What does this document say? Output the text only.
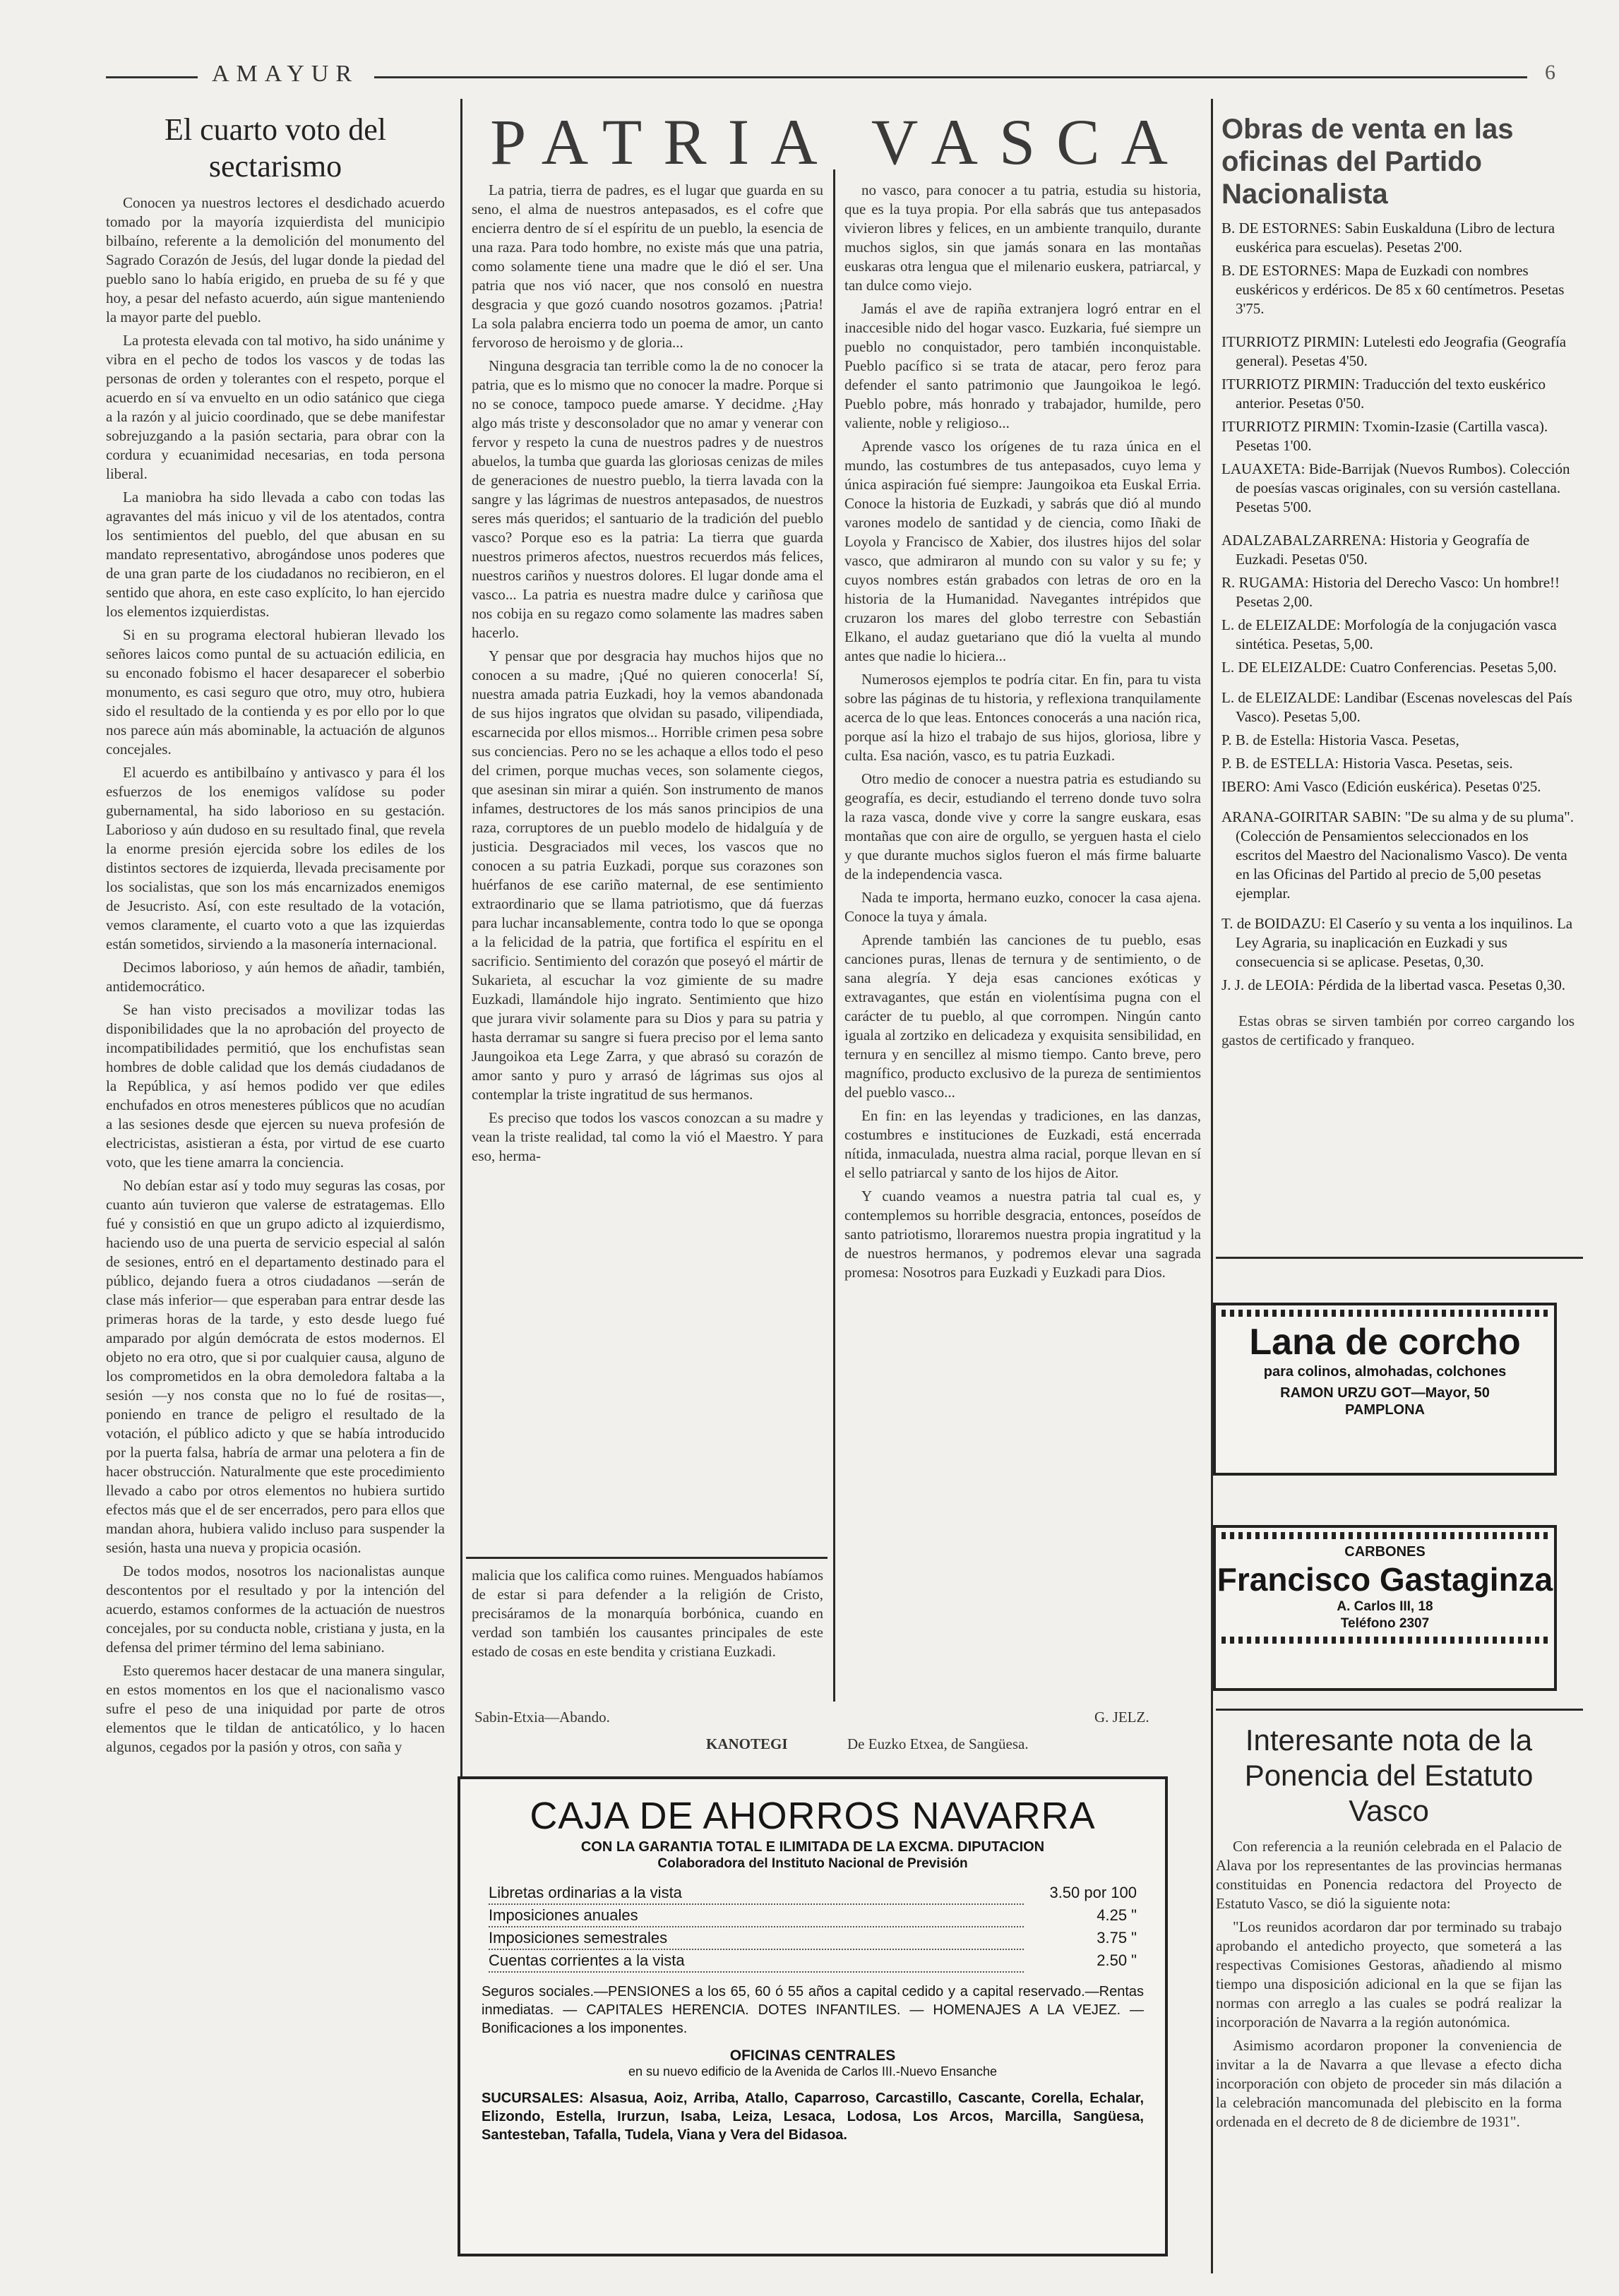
AMAYUR	6
El cuarto voto del sectarismo

Conocen ya nuestros lectores el desdichado acuerdo tomado por la mayoría izquierdista del municipio bilbaíno, referente a la demolición del monumento del Sagrado Corazón de Jesús, del lugar donde la piedad del pueblo sano lo había erigido, en prueba de su fé y que hoy, a pesar del nefasto acuerdo, aún sigue manteniendo la mayor parte del pueblo.

La protesta elevada con tal motivo, ha sido unánime y vibra en el pecho de todos los vascos y de todas las personas de orden y tolerantes con el respeto, porque el acuerdo en sí va envuelto en un odio satánico que ciega a la razón y al juicio coordinado, que se debe manifestar sobrejuzgando a la pasión sectaria, para obrar con la cordura y ecuanimidad necesarias, en toda persona liberal.

La maniobra ha sido llevada a cabo con todas las agravantes del más inicuo y vil de los atentados, contra los sentimientos del pueblo, del que abusan en su mandato representativo, abrogándose unos poderes que de una gran parte de los ciudadanos no recibieron, en el sentido que ahora, en este caso explícito, lo han ejercido los elementos izquierdistas.

Si en su programa electoral hubieran llevado los señores laicos como puntal de su actuación edilicia, en su enconado fobismo el hacer desaparecer el soberbio monumento, es casi seguro que otro, muy otro, hubiera sido el resultado de la contienda y es por ello por lo que nos parece aún más abominable, la actuación de algunos concejales.

El acuerdo es antibilbaíno y antivasco y para él los esfuerzos de los enemigos valídose su poder gubernamental, ha sido laborioso en su gestación. Laborioso y aún dudoso en su resultado final, que revela la enorme presión ejercida sobre los ediles de los distintos sectores de izquierda, llevada precisamente por los socialistas, que son los más encarnizados enemigos de Jesucristo. Así, con este resultado de la votación, vemos claramente, el cuarto voto a que las izquierdas están sometidos, sirviendo a la masonería internacional.

Decimos laborioso, y aún hemos de añadir, también, antidemocrático.

Se han visto precisados a movilizar todas las disponibilidades que la no aprobación del proyecto de incompatibilidades permitió, que los enchufistas sean hombres de doble calidad que los demás ciudadanos de la República, y así hemos podido ver que ediles enchufados en otros menesteres públicos que no acudían a las sesiones desde que ejercen su nueva profesión de electricistas, asistieran a ésta, por virtud de ese cuarto voto, que les tiene amarra la conciencia.

No debían estar así y todo muy seguras las cosas, por cuanto aún tuvieron que valerse de estratagemas. Ello fué y consistió en que un grupo adicto al izquierdismo, haciendo uso de una puerta de servicio especial al salón de sesiones, entró en el departamento destinado para el público, dejando fuera a otros ciudadanos —serán de clase más inferior— que esperaban para entrar desde las primeras horas de la tarde, y esto desde luego fué amparado por algún demócrata de estos modernos. El objeto no era otro, que si por cualquier causa, alguno de los comprometidos en la obra demoledora faltaba a la sesión —y nos consta que no lo fué de rositas—, poniendo en trance de peligro el resultado de la votación, el público adicto y que se había introducido por la puerta falsa, habría de armar una pelotera a fin de hacer obstrucción. Naturalmente que este procedimiento llevado a cabo por otros elementos no hubiera surtido efectos más que el de ser encerrados, pero para ellos que mandan ahora, hubiera valido incluso para suspender la sesión, hasta una nueva y propicia ocasión.

De todos modos, nosotros los nacionalistas aunque descontentos por el resultado y por la intención del acuerdo, estamos conformes de la actuación de nuestros concejales, por su conducta noble, cristiana y justa, en la defensa del primer término del lema sabiniano.

Esto queremos hacer destacar de una manera singular, en estos momentos en los que el nacionalismo vasco sufre el peso de una iniquidad por parte de otros elementos que le tildan de anticatólico, y lo hacen algunos, cegados por la pasión y otros, con saña y

PATRIA VASCA

La patria, tierra de padres, es el lugar que guarda en su seno, el alma de nuestros antepasados, es el cofre que encierra dentro de sí el espíritu de un pueblo, la esencia de una raza. Para todo hombre, no existe más que una patria, como solamente tiene una madre que le dió el ser. Una patria que nos vió nacer, que nos consoló en nuestra desgracia y que gozó cuando nosotros gozamos. ¡Patria! La sola palabra encierra todo un poema de amor, un canto fervoroso de heroismo y de gloria...

Ninguna desgracia tan terrible como la de no conocer la patria, que es lo mismo que no conocer la madre. Porque si no se conoce, tampoco puede amarse. Y decidme. ¿Hay algo más triste y desconsolador que no amar y venerar con fervor y respeto la cuna de nuestros padres y de nuestros abuelos, la tumba que guarda las gloriosas cenizas de miles de generaciones de nuestro pueblo, la tierra lavada con la sangre y las lágrimas de nuestros antepasados, de nuestros seres más queridos; el santuario de la tradición del pueblo vasco? Porque eso es la patria: La tierra que guarda nuestros primeros afectos, nuestros recuerdos más felices, nuestros cariños y nuestros dolores. El lugar donde ama el vasco... La patria es nuestra madre dulce y cariñosa que nos cobija en su regazo como solamente las madres saben hacerlo.

Y pensar que por desgracia hay muchos hijos que no conocen a su madre, ¡Qué no quieren conocerla! Sí, nuestra amada patria Euzkadi, hoy la vemos abandonada de sus hijos ingratos que olvidan su pasado, vilipendiada, escarnecida por ellos mismos... Horrible crimen pesa sobre sus conciencias. Pero no se les achaque a ellos todo el peso del crimen, porque muchas veces, son solamente ciegos, que asesinan sin mirar a quién. Son instrumento de manos infames, destructores de los más sanos principios de una raza, corruptores de un pueblo modelo de hidalguía y de justicia. Desgraciados mil veces, los vascos que no conocen a su patria Euzkadi, porque sus corazones son huérfanos de ese cariño maternal, de ese sentimiento extraordinario que se llama patriotismo, que dá fuerzas para luchar incansablemente, contra todo lo que se oponga a la felicidad de la patria, que fortifica el espíritu en el sacrificio. Sentimiento del corazón que poseyó el mártir de Sukarieta, al escuchar la voz gimiente de su madre Euzkadi, llamándole hijo ingrato. Sentimiento que hizo que jurara vivir solamente para su Dios y para su patria y hasta derramar su sangre si fuera preciso por el lema santo Jaungoikoa eta Lege Zarra, y que abrasó su corazón de amor santo y puro y arrasó de lágrimas sus ojos al contemplar la triste ingratitud de sus hermanos.

Es preciso que todos los vascos conozcan a su madre y vean la triste realidad, tal como la vió el Maestro. Y para eso, herma-

no vasco, para conocer a tu patria, estudia su historia, que es la tuya propia. Por ella sabrás que tus antepasados vivieron libres y felices, en un ambiente tranquilo, durante muchos siglos, sin que jamás sonara en las montañas euskaras otra lengua que el milenario euskera, patriarcal, y tan dulce como viejo.

Jamás el ave de rapiña extranjera logró entrar en el inaccesible nido del hogar vasco. Euzkaria, fué siempre un pueblo no conquistador, pero también inconquistable. Pueblo pacífico si se trata de atacar, pero feroz para defender el santo patrimonio que Jaungoikoa le legó. Pueblo pobre, más honrado y trabajador, humilde, pero valiente, noble y religioso...

Aprende vasco los orígenes de tu raza única en el mundo, las costumbres de tus antepasados, cuyo lema y única aspiración fué siempre: Jaungoikoa eta Euskal Erria. Conoce la historia de Euzkadi, y sabrás que dió al mundo varones modelo de santidad y de ciencia, como Iñaki de Loyola y Francisco de Xabier, dos ilustres hijos del solar vasco, que admiraron al mundo con su valor y su fe; y cuyos nombres están grabados con letras de oro en la historia de la Humanidad. Navegantes intrépidos que cruzaron los mares del globo terrestre con Sebastián Elkano, el audaz guetariano que dió la vuelta al mundo antes que nadie lo hiciera...

Numerosos ejemplos te podría citar. En fin, para tu vista sobre las páginas de tu historia, y reflexiona tranquilamente acerca de lo que leas. Entonces conocerás a una nación rica, porque así la hizo el trabajo de sus hijos, gloriosa, libre y culta. Esa nación, vasco, es tu patria Euzkadi.

Otro medio de conocer a nuestra patria es estudiando su geografía, es decir, estudiando el terreno donde tuvo solra la raza vasca, donde vive y corre la sangre euskara, esas montañas que con aire de orgullo, se yerguen hasta el cielo y que durante muchos siglos fueron el más firme baluarte de la independencia vasca.

Nada te importa, hermano euzko, conocer la casa ajena. Conoce la tuya y ámala.

Aprende también las canciones de tu pueblo, esas canciones puras, llenas de ternura y de sentimiento, o de sana alegría. Y deja esas canciones exóticas y extravagantes, que están en violentísima pugna con el carácter de tu pueblo, al que corrompen. Ningún canto iguala al zortziko en delicadeza y exquisita sensibilidad, en ternura y en sencillez al mismo tiempo. Canto breve, pero magnífico, producto exclusivo de la pureza de sentimientos del pueblo vasco...

En fin: en las leyendas y tradiciones, en las danzas, costumbres e instituciones de Euzkadi, está encerrada nítida, inmaculada, nuestra alma racial, porque llevan en sí el sello patriarcal y santo de los hijos de Aitor.

Y cuando veamos a nuestra patria tal cual es, y contemplemos su horrible desgracia, entonces, poseídos de santo patriotismo, lloraremos nuestra propia ingratitud y la de nuestros hermanos, y podremos elevar una sagrada promesa: Nosotros para Euzkadi y Euzkadi para Dios.

malicia que los califica como ruines. Menguados habíamos de estar si para defender a la religión de Cristo, precisáramos de la monarquía borbónica, cuando en verdad son también los causantes principales de este estado de cosas en este bendita y cristiana Euzkadi.

Sabin-Etxia—Abando.	G. JELZ.
KANOTEGI	De Euzko Etxea, de Sangüesa.
CAJA DE AHORROS NAVARRA
CON LA GARANTIA TOTAL E ILIMITADA DE LA EXCMA. DIPUTACION
Colaboradora del Instituto Nacional de Previsión
Libretas ordinarias a la vista	3.50 por 100
Imposiciones anuales	4.25 "
Imposiciones semestrales	3.75 "
Cuentas corrientes a la vista	2.50 "
Seguros sociales.—PENSIONES a los 65, 60 ó 55 años a capital cedido y a capital reservado.—Rentas inmediatas. — CAPITALES HERENCIA. DOTES INFANTILES. — HOMENAJES A LA VEJEZ. —Bonificaciones a los imponentes.
OFICINAS CENTRALES
en su nuevo edificio de la Avenida de Carlos III.-Nuevo Ensanche
SUCURSALES: Alsasua, Aoiz, Arriba, Atallo, Caparroso, Carcastillo, Cascante, Corella, Echalar, Elizondo, Estella, Irurzun, Isaba, Leiza, Lesaca, Lodosa, Los Arcos, Marcilla, Sangüesa, Santesteban, Tafalla, Tudela, Viana y Vera del Bidasoa.
Obras de venta en las oficinas del Partido Nacionalista
B. DE ESTORNES: Sabin Euskalduna (Libro de lectura euskérica para escuelas). Pesetas 2'00.
B. DE ESTORNES: Mapa de Euzkadi con nombres euskéricos y erdéricos. De 85 x 60 centímetros. Pesetas 3'75.
ITURRIOTZ PIRMIN: Lutelesti edo Jeografia (Geografía general). Pesetas 4'50.
ITURRIOTZ PIRMIN: Traducción del texto euskérico anterior. Pesetas 0'50.
ITURRIOTZ PIRMIN: Txomin-Izasie (Cartilla vasca). Pesetas 1'00.
LAUAXETA: Bide-Barrijak (Nuevos Rumbos). Colección de poesías vascas originales, con su versión castellana. Pesetas 5'00.
ADALZABALZARRENA: Historia y Geografía de Euzkadi. Pesetas 0'50.
R. RUGAMA: Historia del Derecho Vasco: Un hombre!! Pesetas 2,00.
L. de ELEIZALDE: Morfología de la conjugación vasca sintética. Pesetas, 5,00.
L. DE ELEIZALDE: Cuatro Conferencias. Pesetas 5,00.
L. de ELEIZALDE: Landibar (Escenas novelescas del País Vasco). Pesetas 5,00.
P. B. de Estella: Historia Vasca. Pesetas,
P. B. de ESTELLA: Historia Vasca. Pesetas, seis.
IBERO: Ami Vasco (Edición euskérica). Pesetas 0'25.
ARANA-GOIRITAR SABIN: "De su alma y de su pluma". (Colección de Pensamientos seleccionados en los escritos del Maestro del Nacionalismo Vasco). De venta en las Oficinas del Partido al precio de 5,00 pesetas ejemplar.
T. de BOIDAZU: El Caserío y su venta a los inquilinos. La Ley Agraria, su inaplicación en Euzkadi y sus consecuencia si se aplicase. Pesetas, 0,30.
J. J. de LEOIA: Pérdida de la libertad vasca. Pesetas 0,30.

Estas obras se sirven también por correo cargando los gastos de certificado y franqueo.

Lana de corcho
para colinos, almohadas, colchones
RAMON URZU GOT—Mayor, 50
PAMPLONA
CARBONES
Francisco Gastaginza
A. Carlos III, 18
Teléfono 2307
Interesante nota de la Ponencia del Estatuto Vasco

Con referencia a la reunión celebrada en el Palacio de Alava por los representantes de las provincias hermanas constituidas en Ponencia redactora del Proyecto de Estatuto Vasco, se dió la siguiente nota:

"Los reunidos acordaron dar por terminado su trabajo aprobando el antedicho proyecto, que someterá a las respectivas Comisiones Gestoras, añadiendo al mismo tiempo una disposición adicional en la que se fijan las normas con arreglo a las cuales se podrá realizar la incorporación de Navarra a la región autonómica.

Asimismo acordaron proponer la conveniencia de invitar a la de Navarra a que llevase a efecto dicha incorporación con objeto de proceder sin más dilación a la celebración mancomunada del plebiscito en la forma ordenada en el decreto de 8 de diciembre de 1931".
